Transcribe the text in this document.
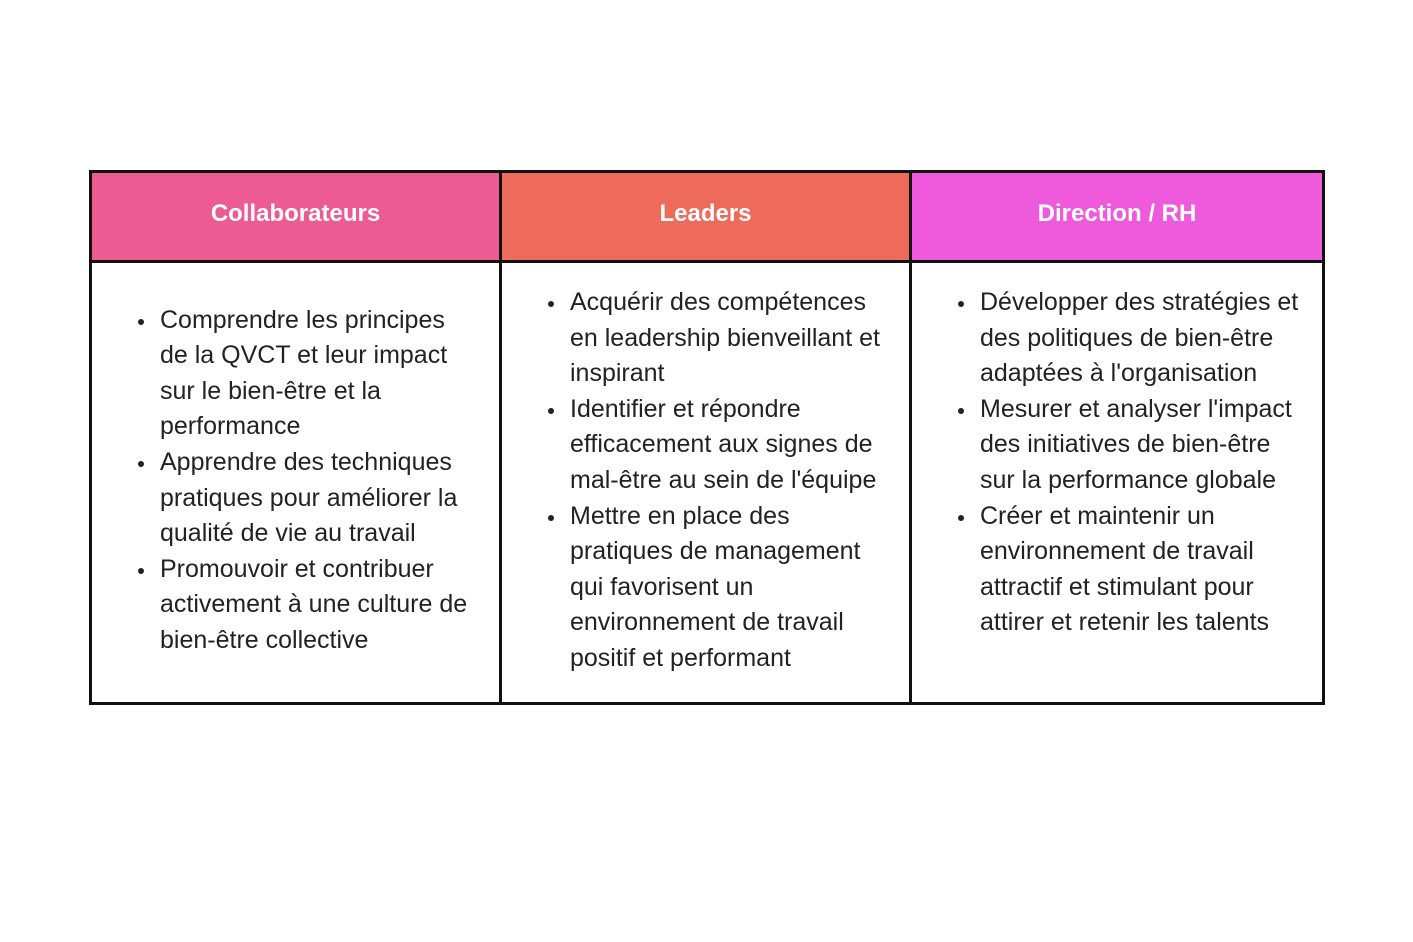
Collaborateurs	Leaders	Direction / RH
Comprendre les principes de la QVCT et leur impact sur le bien-être et la performance
Apprendre des techniques pratiques pour améliorer la qualité de vie au travail
Promouvoir et contribuer activement à une culture de bien-être collective
Acquérir des compétences en leadership bienveillant et inspirant
Identifier et répondre efficacement aux signes de mal-être au sein de l'équipe
Mettre en place des pratiques de management qui favorisent un environnement de travail positif et performant
Développer des stratégies et des politiques de bien-être adaptées à l'organisation
Mesurer et analyser l'impact des initiatives de bien-être sur la performance globale
Créer et maintenir un environnement de travail attractif et stimulant pour attirer et retenir les talents
